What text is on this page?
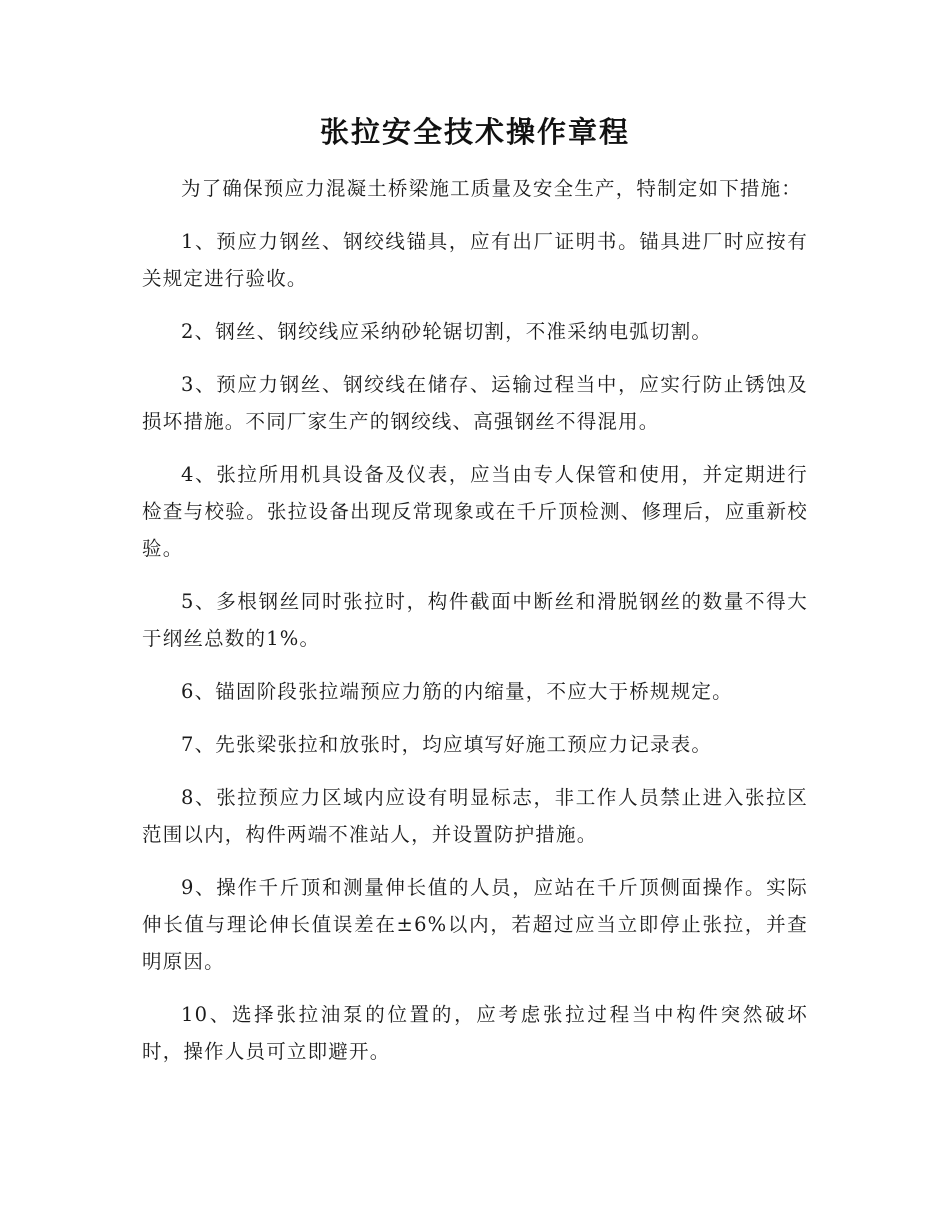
张拉安全技术操作章程

为了确保预应力混凝土桥梁施工质量及安全生产，特制定如下措施：

1、预应力钢丝、钢绞线锚具，应有出厂证明书。锚具进厂时应按有关规定进行验收。

2、钢丝、钢绞线应采纳砂轮锯切割，不准采纳电弧切割。

3、预应力钢丝、钢绞线在储存、运输过程当中，应实行防止锈蚀及损坏措施。不同厂家生产的钢绞线、高强钢丝不得混用。

4、张拉所用机具设备及仪表，应当由专人保管和使用，并定期进行检查与校验。张拉设备出现反常现象或在千斤顶检测、修理后，应重新校验。

5、多根钢丝同时张拉时，构件截面中断丝和滑脱钢丝的数量不得大于纲丝总数的1%。

6、锚固阶段张拉端预应力筋的内缩量，不应大于桥规规定。

7、先张梁张拉和放张时，均应填写好施工预应力记录表。

8、张拉预应力区域内应设有明显标志，非工作人员禁止进入张拉区范围以内，构件两端不准站人，并设置防护措施。

9、操作千斤顶和测量伸长值的人员，应站在千斤顶侧面操作。实际伸长值与理论伸长值误差在±6%以内，若超过应当立即停止张拉，并查明原因。

10、选择张拉油泵的位置的，应考虑张拉过程当中构件突然破坏时，操作人员可立即避开。
